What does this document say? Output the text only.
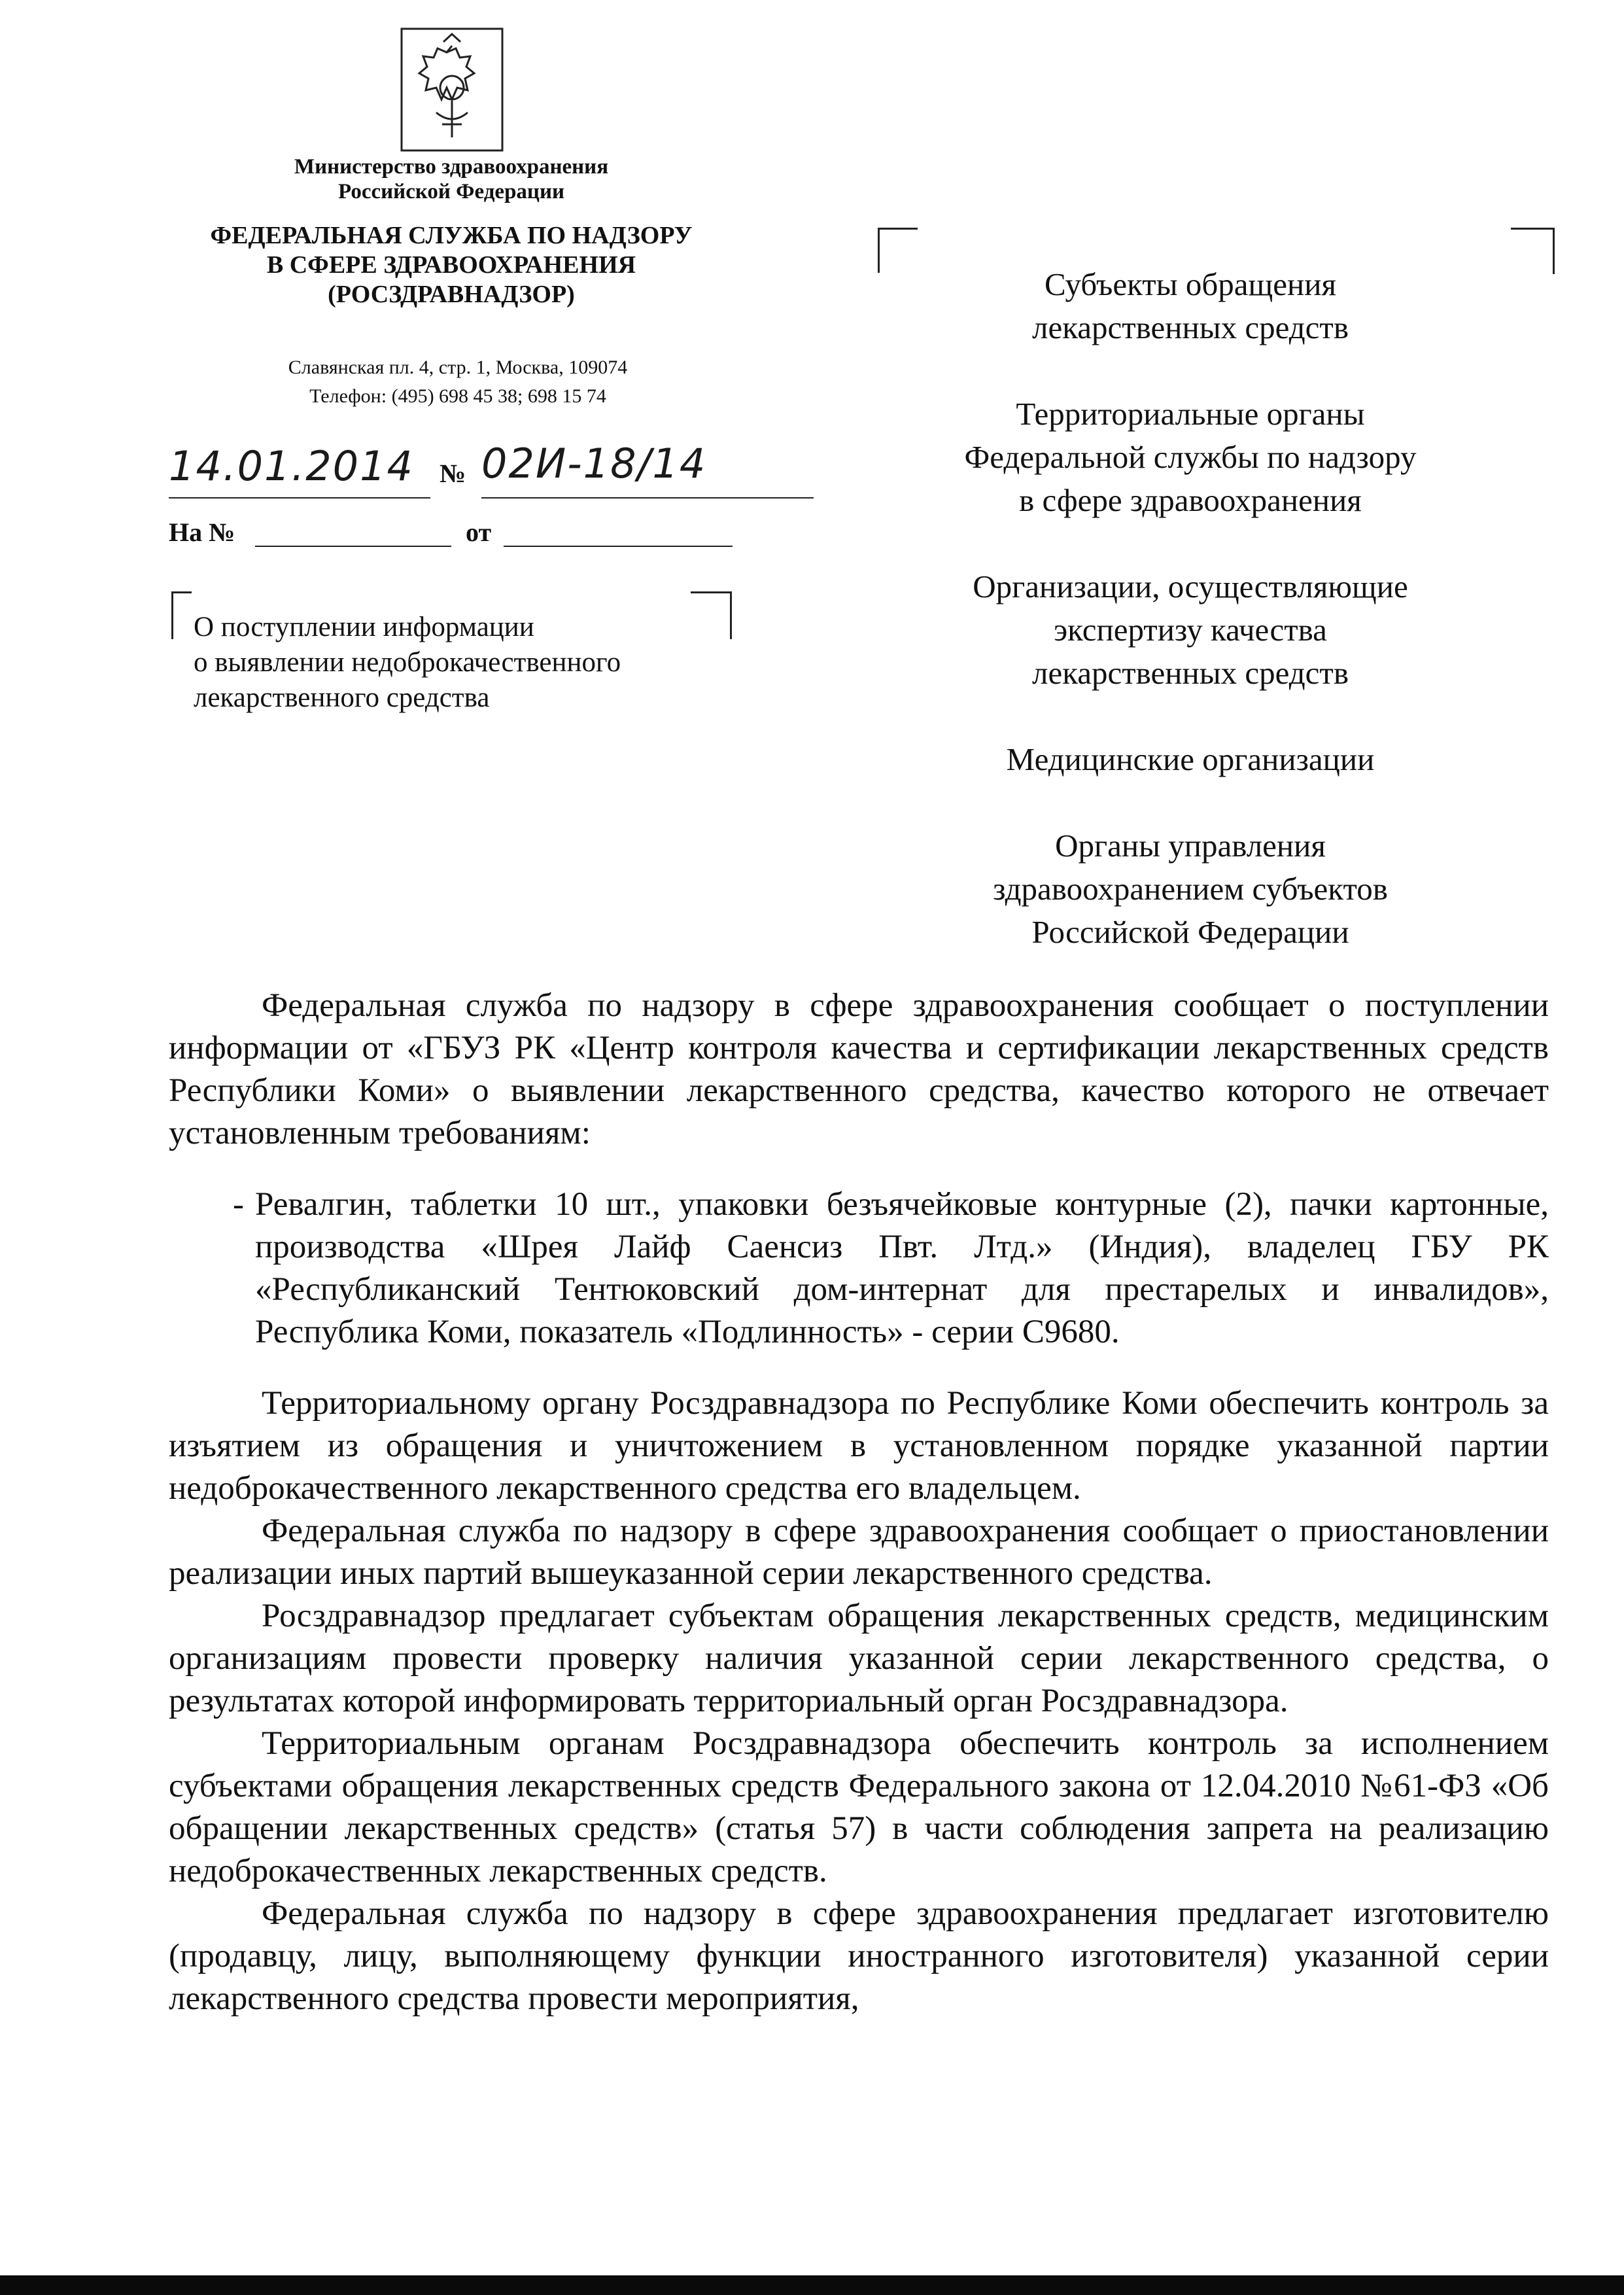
Министерство здравоохранения
Российской Федерации
ФЕДЕРАЛЬНАЯ СЛУЖБА ПО НАДЗОРУ
В СФЕРЕ ЗДРАВООХРАНЕНИЯ
(РОСЗДРАВНАДЗОР)
Славянская пл. 4, стр. 1, Москва, 109074
Телефон: (495) 698 45 38; 698 15 74
14.01.2014 № 02И-18/14
На №	от
О поступлении информации
о выявлении недоброкачественного
лекарственного средства

Субъекты обращения
лекарственных средств

Территориальные органы
Федеральной службы по надзору
в сфере здравоохранения

Организации, осуществляющие
экспертизу качества
лекарственных средств

Медицинские организации

Органы управления
здравоохранением субъектов
Российской Федерации

Федеральная служба по надзору в сфере здравоохранения сообщает о поступлении информации от «ГБУЗ РК «Центр контроля качества и сертификации лекарственных средств Республики Коми» о выявлении лекарственного средства, качество которого не отвечает установленным требованиям:

- Ревалгин, таблетки 10 шт., упаковки безъячейковые контурные (2), пачки картонные, производства «Шрея Лайф Саенсиз Пвт. Лтд.» (Индия), владелец ГБУ РК «Республиканский Тентюковский дом-интернат для престарелых и инвалидов», Республика Коми, показатель «Подлинность» - серии С9680.

Территориальному органу Росздравнадзора по Республике Коми обеспечить контроль за изъятием из обращения и уничтожением в установленном порядке указанной партии недоброкачественного лекарственного средства его владельцем.

Федеральная служба по надзору в сфере здравоохранения сообщает о приостановлении реализации иных партий вышеуказанной серии лекарственного средства.

Росздравнадзор предлагает субъектам обращения лекарственных средств, медицинским организациям провести проверку наличия указанной серии лекарственного средства, о результатах которой информировать территориальный орган Росздравнадзора.

Территориальным органам Росздравнадзора обеспечить контроль за исполнением субъектами обращения лекарственных средств Федерального закона от 12.04.2010 №61-ФЗ «Об обращении лекарственных средств» (статья 57) в части соблюдения запрета на реализацию недоброкачественных лекарственных средств.

Федеральная служба по надзору в сфере здравоохранения предлагает изготовителю (продавцу, лицу, выполняющему функции иностранного изготовителя) указанной серии лекарственного средства провести мероприятия,
